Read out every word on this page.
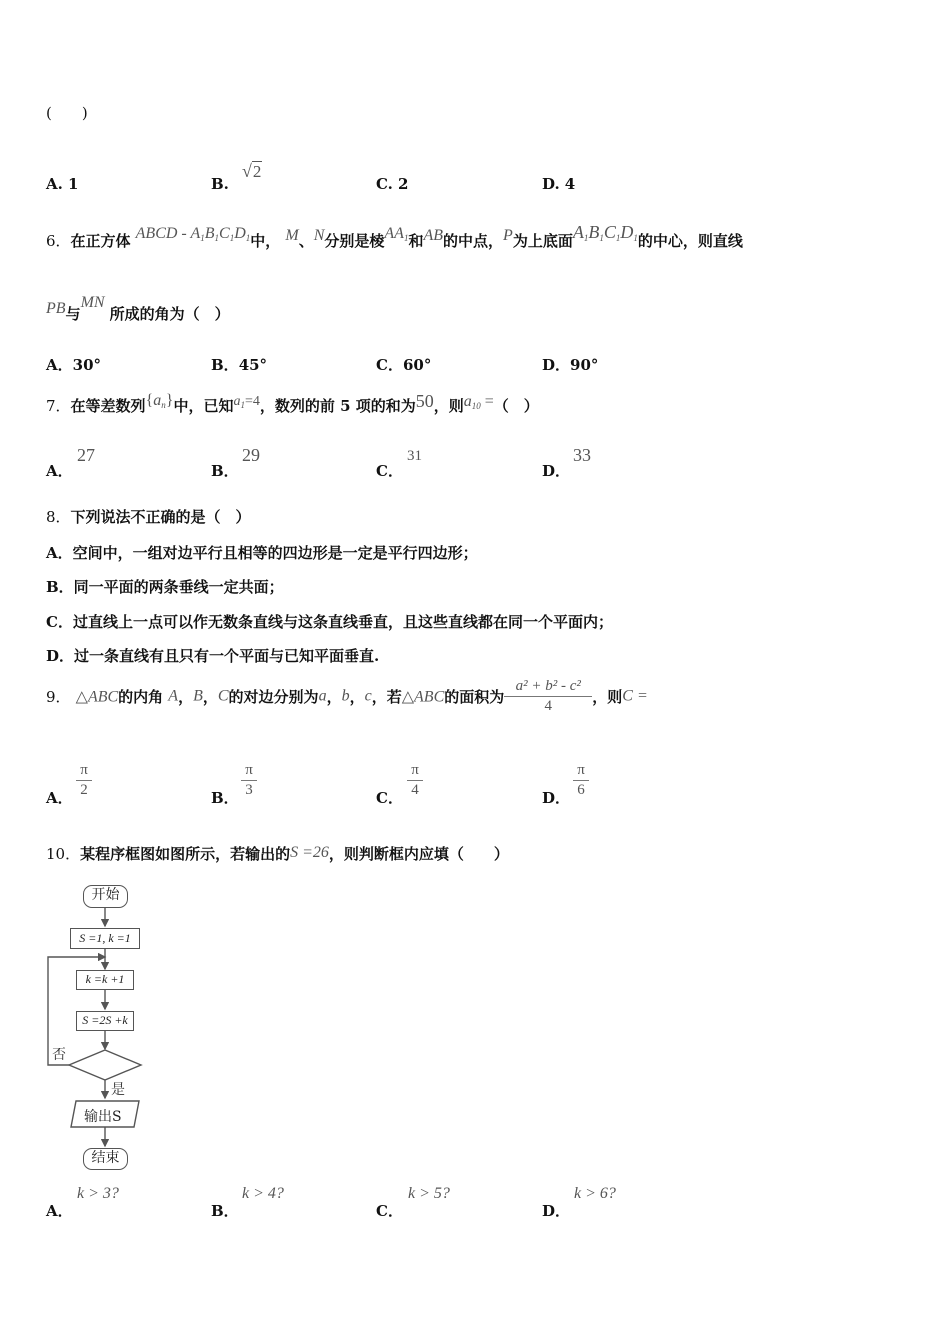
(　　)
A. 1	B.
√2
C. 2	D. 4
6．在正方体 ABCD - $A_1B_1C_1D_1$中， M、N分别是棱$AA_1$和AB的中点，P为上底面$A_1B_1C_1D_1$的中心，则直线
PB与MN 所成的角为（　）
A．30°	B．45°	C．60°	D．90°
7．在等差数列$\{a_n\}$中，已知$a_1=4$，数列的前 5 项的和为50，则$a_{10}$ =（　）
A．
27
B．
29
C．
31
D．
33
8．下列说法不正确的是（　）
A．空间中，一组对边平行且相等的四边形是一定是平行四边形；
B．同一平面的两条垂线一定共面；
C．过直线上一点可以作无数条直线与这条直线垂直，且这些直线都在同一个平面内；
D．过一条直线有且只有一个平面与已知平面垂直.
9． △ABC的内角 A，B，C的对边分别为a，b，c，若△ABC的面积为 $\frac{\text{a² + b² - c²}}{4}$ ，则C =
A． $\frac{\pi}{2}$	B． $\frac{\pi}{3}$	C． $\frac{\pi}{4}$	D． $\frac{\pi}{6}$
10．某程序框图如图所示，若输出的S =26，则判断框内应填（　　）
开始
S =1, k =1
k =k +1
S =2S +k
否
是
输出S
结束
A．
k > 3?
B．
k > 4?
C．
k > 5?
D．
k > 6?
